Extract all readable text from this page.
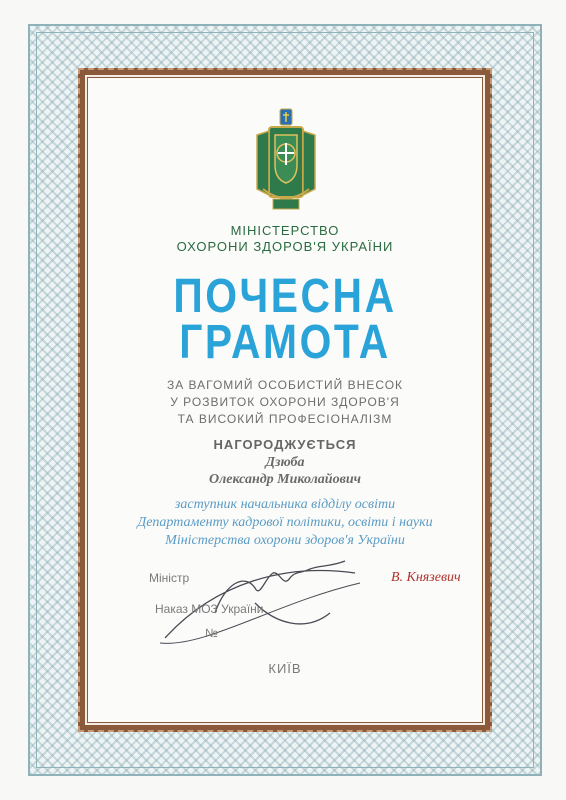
МІНІСТЕРСТВО
ОХОРОНИ ЗДОРОВ'Я УКРАЇНИ
ПОЧЕСНА
ГРАМОТА
ЗА ВАГОМИЙ ОСОБИСТИЙ ВНЕСОК
У РОЗВИТОК ОХОРОНИ ЗДОРОВ'Я
ТА ВИСОКИЙ ПРОФЕСІОНАЛІЗМ
НАГОРОДЖУЄТЬСЯ
Дзюба
Олександр Миколайович
заступник начальника відділу освіти
Департаменту кадрової політики, освіти і науки
Міністерства охорони здоров'я України
Міністр	В. Князевич
Наказ МОЗ України
№
КИЇВ
